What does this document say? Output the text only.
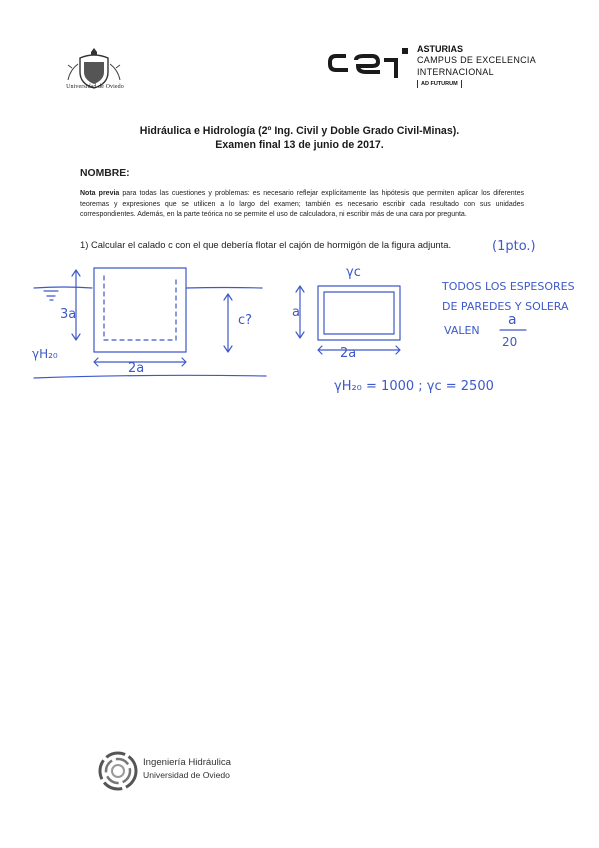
Universidad de Oviedo
ASTURIAS
CAMPUS DE EXCELENCIA
INTERNACIONAL
AD FUTURUM
Hidráulica e Hidrología (2º Ing. Civil y Doble Grado Civil-Minas).
Examen final 13 de junio de 2017.
NOMBRE:
Nota previa para todas las cuestiones y problemas: es necesario reflejar explícitamente las hipótesis que permiten aplicar los diferentes teoremas y expresiones que se utilicen a lo largo del examen; también es necesario escribir cada resultado con sus unidades correspondientes. Además, en la parte teórica no se permite el uso de calculadora, ni escribir más de una cara por pregunta.
1) Calcular el calado c con el que debería flotar el cajón de hormigón de la figura adjunta.	(1pto.)
3a	c?
γH₂₀
2a
γc
a
2a
TODOS LOS ESPESORES
DE PAREDES Y SOLERA
VALEN
a
20
γH₂₀ = 1000 ; γc = 2500
Ingeniería Hidráulica
Universidad de Oviedo
